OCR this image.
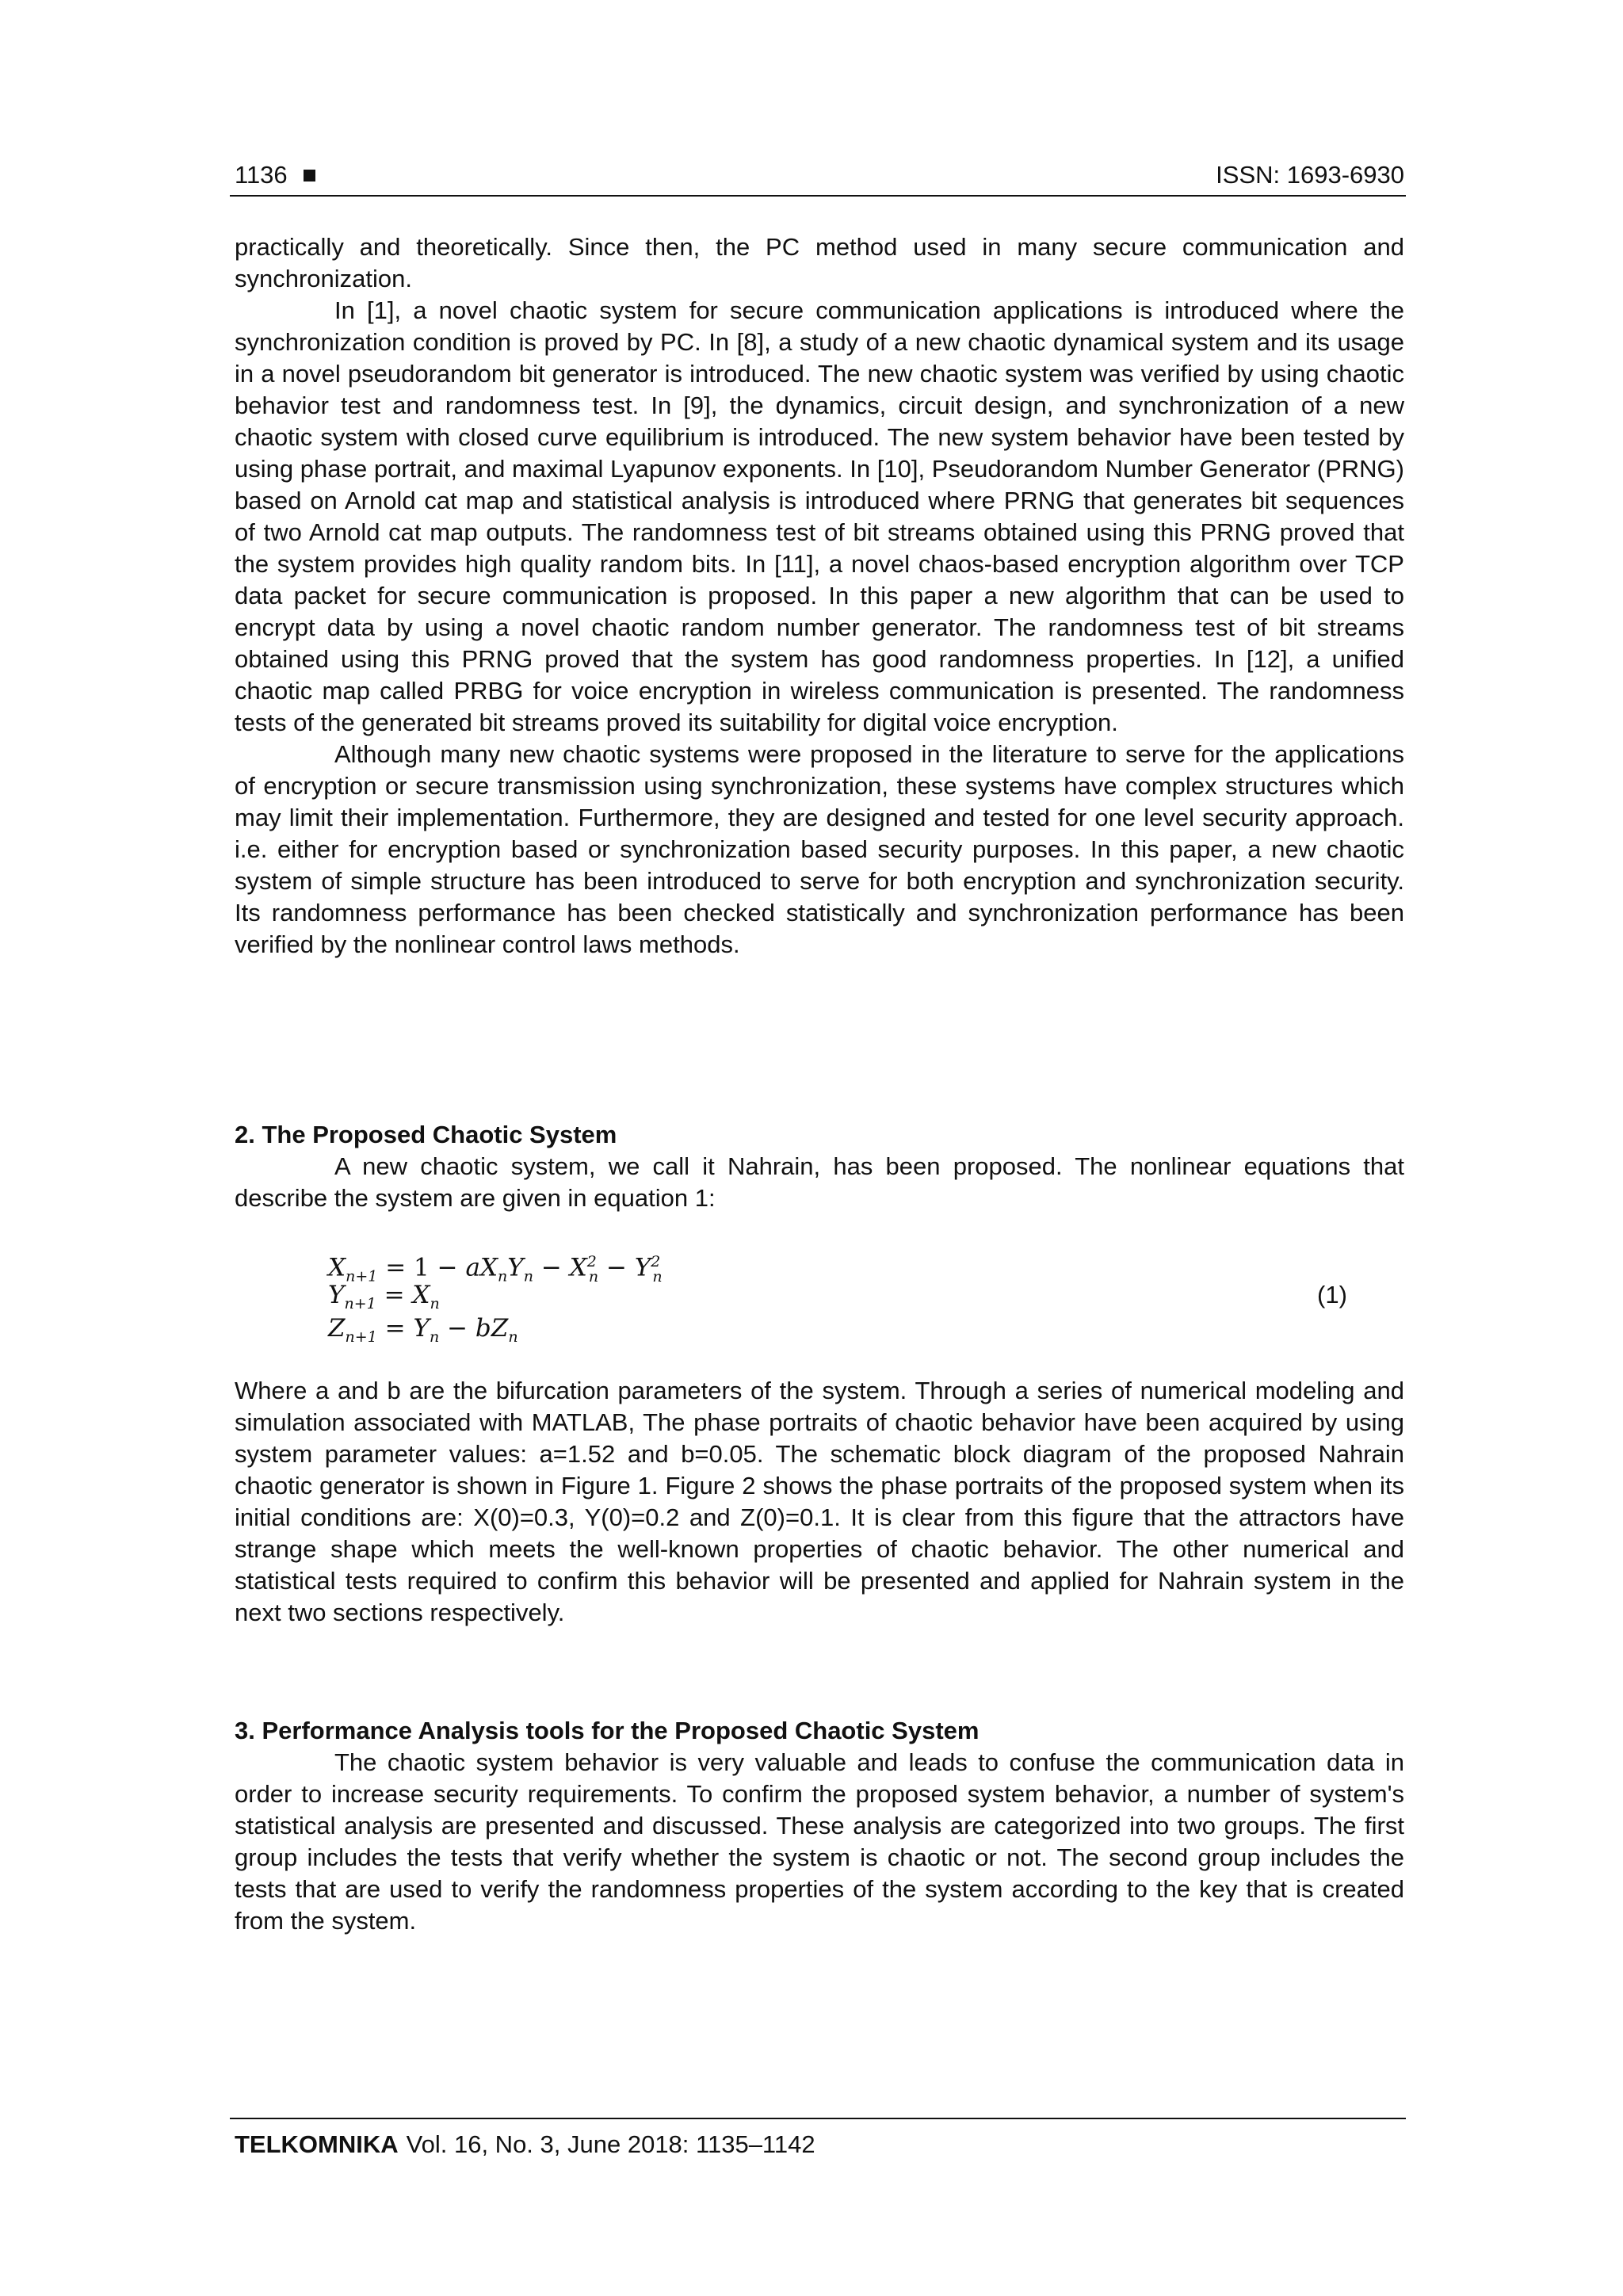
1136	ISSN: 1693-6930

practically and theoretically. Since then, the PC method used in many secure communication and synchronization.

In [1], a novel chaotic system for secure communication applications is introduced where the synchronization condition is proved by PC. In [8], a study of a new chaotic dynamical system and its usage in a novel pseudorandom bit generator is introduced. The new chaotic system was verified by using chaotic behavior test and randomness test. In [9], the dynamics, circuit design, and synchronization of a new chaotic system with closed curve equilibrium is introduced. The new system behavior have been tested by using phase portrait, and maximal Lyapunov exponents. In [10], Pseudorandom Number Generator (PRNG) based on Arnold cat map and statistical analysis is introduced where PRNG that generates bit sequences of two Arnold cat map outputs. The randomness test of bit streams obtained using this PRNG proved that the system provides high quality random bits. In [11], a novel chaos-based encryption algorithm over TCP data packet for secure communication is proposed. In this paper a new algorithm that can be used to encrypt data by using a novel chaotic random number generator. The randomness test of bit streams obtained using this PRNG proved that the system has good randomness properties. In [12], a unified chaotic map called PRBG for voice encryption in wireless communication is presented. The randomness tests of the generated bit streams proved its suitability for digital voice encryption.

Although many new chaotic systems were proposed in the literature to serve for the applications of encryption or secure transmission using synchronization, these systems have complex structures which may limit their implementation. Furthermore, they are designed and tested for one level security approach. i.e. either for encryption based or synchronization based security purposes. In this paper, a new chaotic system of simple structure has been introduced to serve for both encryption and synchronization security. Its randomness performance has been checked statistically and synchronization performance has been verified by the nonlinear control laws methods.

2. The Proposed Chaotic System

A new chaotic system, we call it Nahrain, has been proposed. The nonlinear equations that describe the system are given in equation 1:

$X_{n+1} = 1 - aX_nY_n - X^2_n - Y^2_n$
$Y_{n+1} = X_n$
$Z_{n+1} = Y_n - bZ_n$
(1)

Where a and b are the bifurcation parameters of the system. Through a series of numerical modeling and simulation associated with MATLAB, The phase portraits of chaotic behavior have been acquired by using system parameter values: a=1.52 and b=0.05. The schematic block diagram of the proposed Nahrain chaotic generator is shown in Figure 1. Figure 2 shows the phase portraits of the proposed system when its initial conditions are: X(0)=0.3, Y(0)=0.2 and Z(0)=0.1. It is clear from this figure that the attractors have strange shape which meets the well-known properties of chaotic behavior. The other numerical and statistical tests required to confirm this behavior will be presented and applied for Nahrain system in the next two sections respectively.

3. Performance Analysis tools for the Proposed Chaotic System

The chaotic system behavior is very valuable and leads to confuse the communication data in order to increase security requirements. To confirm the proposed system behavior, a number of system's statistical analysis are presented and discussed. These analysis are categorized into two groups. The first group includes the tests that verify whether the system is chaotic or not. The second group includes the tests that are used to verify the randomness properties of the system according to the key that is created from the system.

TELKOMNIKA Vol. 16, No. 3, June 2018: 1135–1142
